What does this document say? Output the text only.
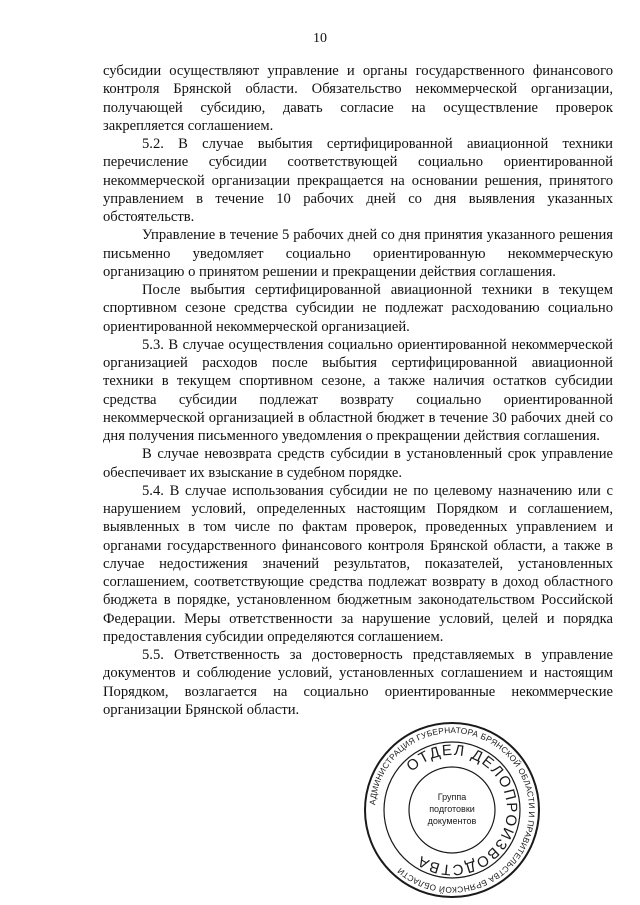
10

субсидии осуществляют управление и органы государственного финансового контроля Брянской области. Обязательство некоммерческой организации, получающей субсидию, давать согласие на осуществление проверок закрепляется соглашением.

5.2. В случае выбытия сертифицированной авиационной техники перечисление субсидии соответствующей социально ориентированной некоммерческой организации прекращается на основании решения, принятого управлением в течение 10 рабочих дней со дня выявления указанных обстоятельств.

Управление в течение 5 рабочих дней со дня принятия указанного решения письменно уведомляет социально ориентированную некоммерческую организацию о принятом решении и прекращении действия соглашения.

После выбытия сертифицированной авиационной техники в текущем спортивном сезоне средства субсидии не подлежат расходованию социально ориентированной некоммерческой организацией.

5.3. В случае осуществления социально ориентированной некоммерческой организацией расходов после выбытия сертифицированной авиационной техники в текущем спортивном сезоне, а также наличия остатков субсидии средства субсидии подлежат возврату социально ориентированной некоммерческой организацией в областной бюджет в течение 30 рабочих дней со дня получения письменного уведомления о прекращении действия соглашения.

В случае невозврата средств субсидии в установленный срок управление обеспечивает их взыскание в судебном порядке.

5.4. В случае использования субсидии не по целевому назначению или с нарушением условий, определенных настоящим Порядком и соглашением, выявленных в том числе по фактам проверок, проведенных управлением и органами государственного финансового контроля Брянской области, а также в случае недостижения значений результатов, показателей, установленных соглашением, соответствующие средства подлежат возврату в доход областного бюджета в порядке, установленном бюджетным законодательством Российской Федерации. Меры ответственности за нарушение условий, целей и порядка предоставления субсидии определяются соглашением.

5.5. Ответственность за достоверность представляемых в управление документов и соблюдение условий, установленных соглашением и настоящим Порядком, возлагается на социально ориентированные некоммерческие организации Брянской области.

АДМИНИСТРАЦИЯ ГУБЕРНАТОРА БРЯНСКОЙ ОБЛАСТИ И ПРАВИТЕЛЬСТВА БРЯНСКОЙ ОБЛАСТИ
ОТДЕЛ ДЕЛОПРОИЗВОДСТВА
Группа
подготовки
документов
